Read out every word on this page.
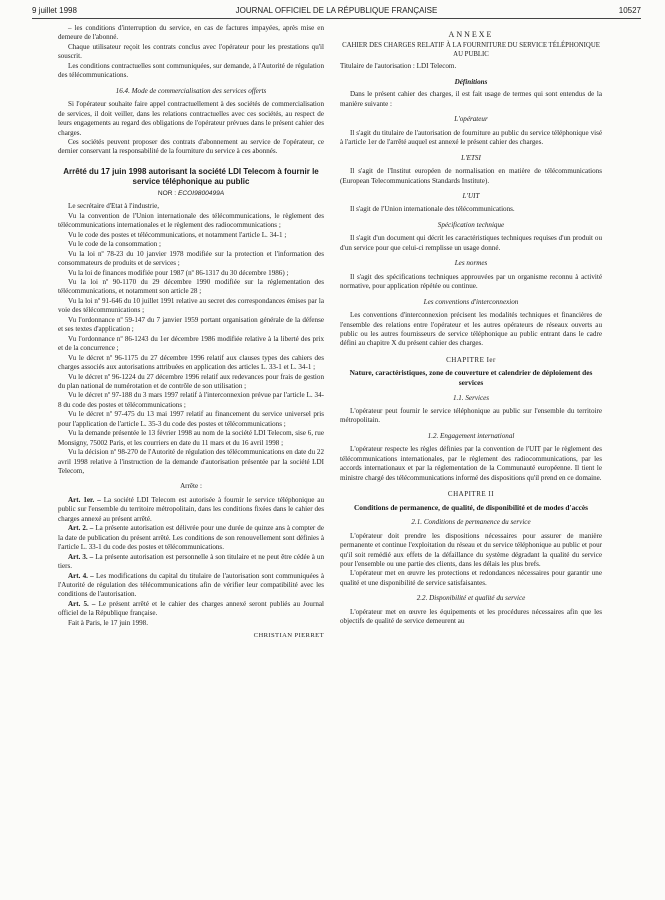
9 juillet 1998	JOURNAL OFFICIEL DE LA RÉPUBLIQUE FRANÇAISE	10527

– les conditions d'interruption du service, en cas de factures impayées, après mise en demeure de l'abonné.

Chaque utilisateur reçoit les contrats conclus avec l'opérateur pour les prestations qu'il souscrit.

Les conditions contractuelles sont communiquées, sur demande, à l'Autorité de régulation des télécommunications.

16.4. Mode de commercialisation des services offerts

Si l'opérateur souhaite faire appel contractuellement à des sociétés de commercialisation de services, il doit veiller, dans les relations contractuelles avec ces sociétés, au respect de leurs engagements au regard des obligations de l'opérateur prévues dans le présent cahier des charges.

Ces sociétés peuvent proposer des contrats d'abonnement au service de l'opérateur, ce dernier conservant la responsabilité de la fourniture du service à ces abonnés.

Arrêté du 17 juin 1998 autorisant la société LDI Telecom à fournir le service téléphonique au public
NOR : ECOI9800499A

Le secrétaire d'Etat à l'industrie,

Vu la convention de l'Union internationale des télécommunications, le règlement des télécommunications internationales et le règlement des radiocommunications ;

Vu le code des postes et télécommunications, et notamment l'article L. 34-1 ;

Vu le code de la consommation ;

Vu la loi nº 78-23 du 10 janvier 1978 modifiée sur la protection et l'information des consommateurs de produits et de services ;

Vu la loi de finances modifiée pour 1987 (nº 86-1317 du 30 décembre 1986) ;

Vu la loi nº 90-1170 du 29 décembre 1990 modifiée sur la réglementation des télécommunications, et notamment son article 28 ;

Vu la loi nº 91-646 du 10 juillet 1991 relative au secret des correspondances émises par la voie des télécommunications ;

Vu l'ordonnance nº 59-147 du 7 janvier 1959 portant organisation générale de la défense et ses textes d'application ;

Vu l'ordonnance nº 86-1243 du 1er décembre 1986 modifiée relative à la liberté des prix et de la concurrence ;

Vu le décret nº 96-1175 du 27 décembre 1996 relatif aux clauses types des cahiers des charges associés aux autorisations attribuées en application des articles L. 33-1 et L. 34-1 ;

Vu le décret nº 96-1224 du 27 décembre 1996 relatif aux redevances pour frais de gestion du plan national de numérotation et de contrôle de son utilisation ;

Vu le décret nº 97-188 du 3 mars 1997 relatif à l'interconnexion prévue par l'article L. 34-8 du code des postes et télécommunications ;

Vu le décret nº 97-475 du 13 mai 1997 relatif au financement du service universel pris pour l'application de l'article L. 35-3 du code des postes et télécommunications ;

Vu la demande présentée le 13 février 1998 au nom de la société LDI Telecom, sise 6, rue Monsigny, 75002 Paris, et les courriers en date du 11 mars et du 16 avril 1998 ;

Vu la décision nº 98-270 de l'Autorité de régulation des télécommunications en date du 22 avril 1998 relative à l'instruction de la demande d'autorisation présentée par la société LDI Telecom,

Arrête :

Art. 1er. – La société LDI Telecom est autorisée à fournir le service téléphonique au public sur l'ensemble du territoire métropolitain, dans les conditions fixées dans le cahier des charges annexé au présent arrêté.

Art. 2. – La présente autorisation est délivrée pour une durée de quinze ans à compter de la date de publication du présent arrêté. Les conditions de son renouvellement sont définies à l'article L. 33-1 du code des postes et télécommunications.

Art. 3. – La présente autorisation est personnelle à son titulaire et ne peut être cédée à un tiers.

Art. 4. – Les modifications du capital du titulaire de l'autorisation sont communiquées à l'Autorité de régulation des télécommunications afin de vérifier leur compatibilité avec les conditions de l'autorisation.

Art. 5. – Le présent arrêté et le cahier des charges annexé seront publiés au Journal officiel de la République française.

Fait à Paris, le 17 juin 1998.

CHRISTIAN PIERRET
ANNEXE
CAHIER DES CHARGES RELATIF À LA FOURNITURE DU SERVICE TÉLÉPHONIQUE AU PUBLIC

Titulaire de l'autorisation : LDI Telecom.

Définitions

Dans le présent cahier des charges, il est fait usage de termes qui sont entendus de la manière suivante :

L'opérateur

Il s'agit du titulaire de l'autorisation de fourniture au public du service téléphonique visé à l'article 1er de l'arrêté auquel est annexé le présent cahier des charges.

L'ETSI

Il s'agit de l'Institut européen de normalisation en matière de télécommunications (European Telecommunications Standards Institute).

L'UIT

Il s'agit de l'Union internationale des télécommunications.

Spécification technique

Il s'agit d'un document qui décrit les caractéristiques techniques requises d'un produit ou d'un service pour que celui-ci remplisse un usage donné.

Les normes

Il s'agit des spécifications techniques approuvées par un organisme reconnu à activité normative, pour application répétée ou continue.

Les conventions d'interconnexion

Les conventions d'interconnexion précisent les modalités techniques et financières de l'ensemble des relations entre l'opérateur et les autres opérateurs de réseaux ouverts au public ou les autres fournisseurs de service téléphonique au public entrant dans le cadre défini au chapitre X du présent cahier des charges.

CHAPITRE Ier
Nature, caractéristiques, zone de couverture et calendrier de déploiement des services
1.1. Services

L'opérateur peut fournir le service téléphonique au public sur l'ensemble du territoire métropolitain.

1.2. Engagement international

L'opérateur respecte les règles définies par la convention de l'UIT par le règlement des télécommunications internationales, par le règlement des radiocommunications, par les accords internationaux et par la réglementation de la Communauté européenne. Il tient le ministre chargé des télécommunications informé des dispositions qu'il prend en ce domaine.

CHAPITRE II
Conditions de permanence, de qualité, de disponibilité et de modes d'accès
2.1. Conditions de permanence du service

L'opérateur doit prendre les dispositions nécessaires pour assurer de manière permanente et continue l'exploitation du réseau et du service téléphonique au public et pour qu'il soit remédié aux effets de la défaillance du système dégradant la qualité du service pour l'ensemble ou une partie des clients, dans les délais les plus brefs.

L'opérateur met en œuvre les protections et redondances nécessaires pour garantir une qualité et une disponibilité de service satisfaisantes.

2.2. Disponibilité et qualité du service

L'opérateur met en œuvre les équipements et les procédures nécessaires afin que les objectifs de qualité de service demeurent au
